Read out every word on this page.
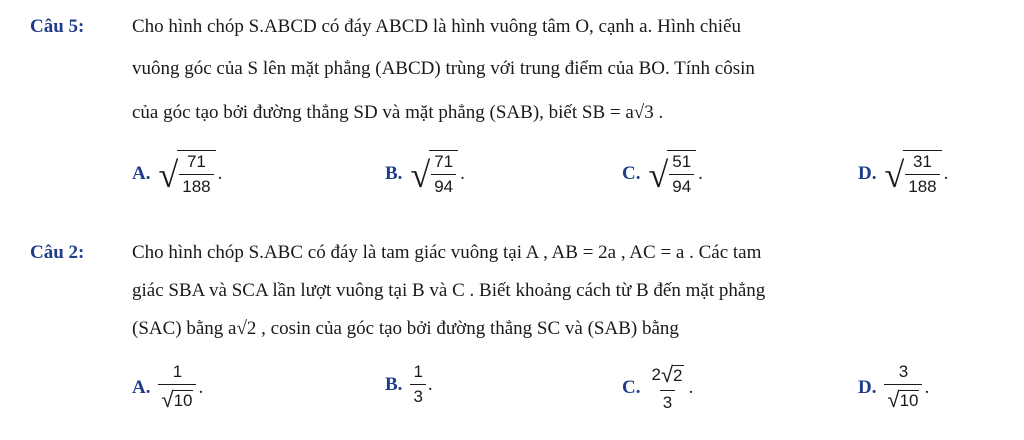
Câu 5:	Cho hình chóp S.ABCD có đáy ABCD là hình vuông tâm O, cạnh a. Hình chiếu
vuông góc của S lên mặt phẳng (ABCD) trùng với trung điểm của BO. Tính côsin
của góc tạo bởi đường thẳng SD và mặt phẳng (SAB), biết SB = a√3 .
A. √ $\frac{71}{188}$ .	B. √ $\frac{71}{94}$ .	C. √ $\frac{51}{94}$ .	D. √ $\frac{31}{188}$ .
Câu 2:	Cho hình chóp S.ABC có đáy là tam giác vuông tại A , AB = 2a , AC = a . Các tam
giác SBA và SCA lần lượt vuông tại B và C . Biết khoảng cách từ B đến mặt phẳng
(SAC) bằng a√2 , cosin của góc tạo bởi đường thẳng SC và (SAB) bằng
A. $\frac{1}{√ 10}$ .	B. $\frac{1}{3}$ .	C. $\frac{2 √ 2}{3}$ .	D. $\frac{3}{√ 10}$ .
